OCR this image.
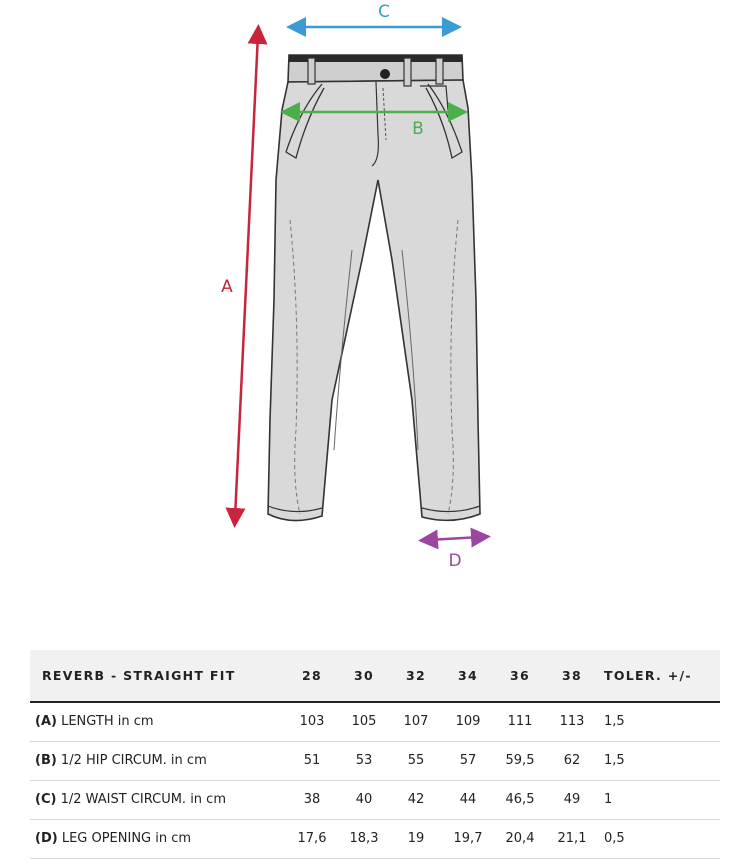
C
B
A
D
REVERB - STRAIGHT FIT	28	30	32	34	36	38	TOLER. +/-
(A) LENGTH in cm	103	105	107	109	111	113	1,5
(B) 1/2 HIP CIRCUM. in cm	51	53	55	57	59,5	62	1,5
(C) 1/2 WAIST CIRCUM. in cm	38	40	42	44	46,5	49	1
(D) LEG OPENING in cm	17,6	18,3	19	19,7	20,4	21,1	0,5
